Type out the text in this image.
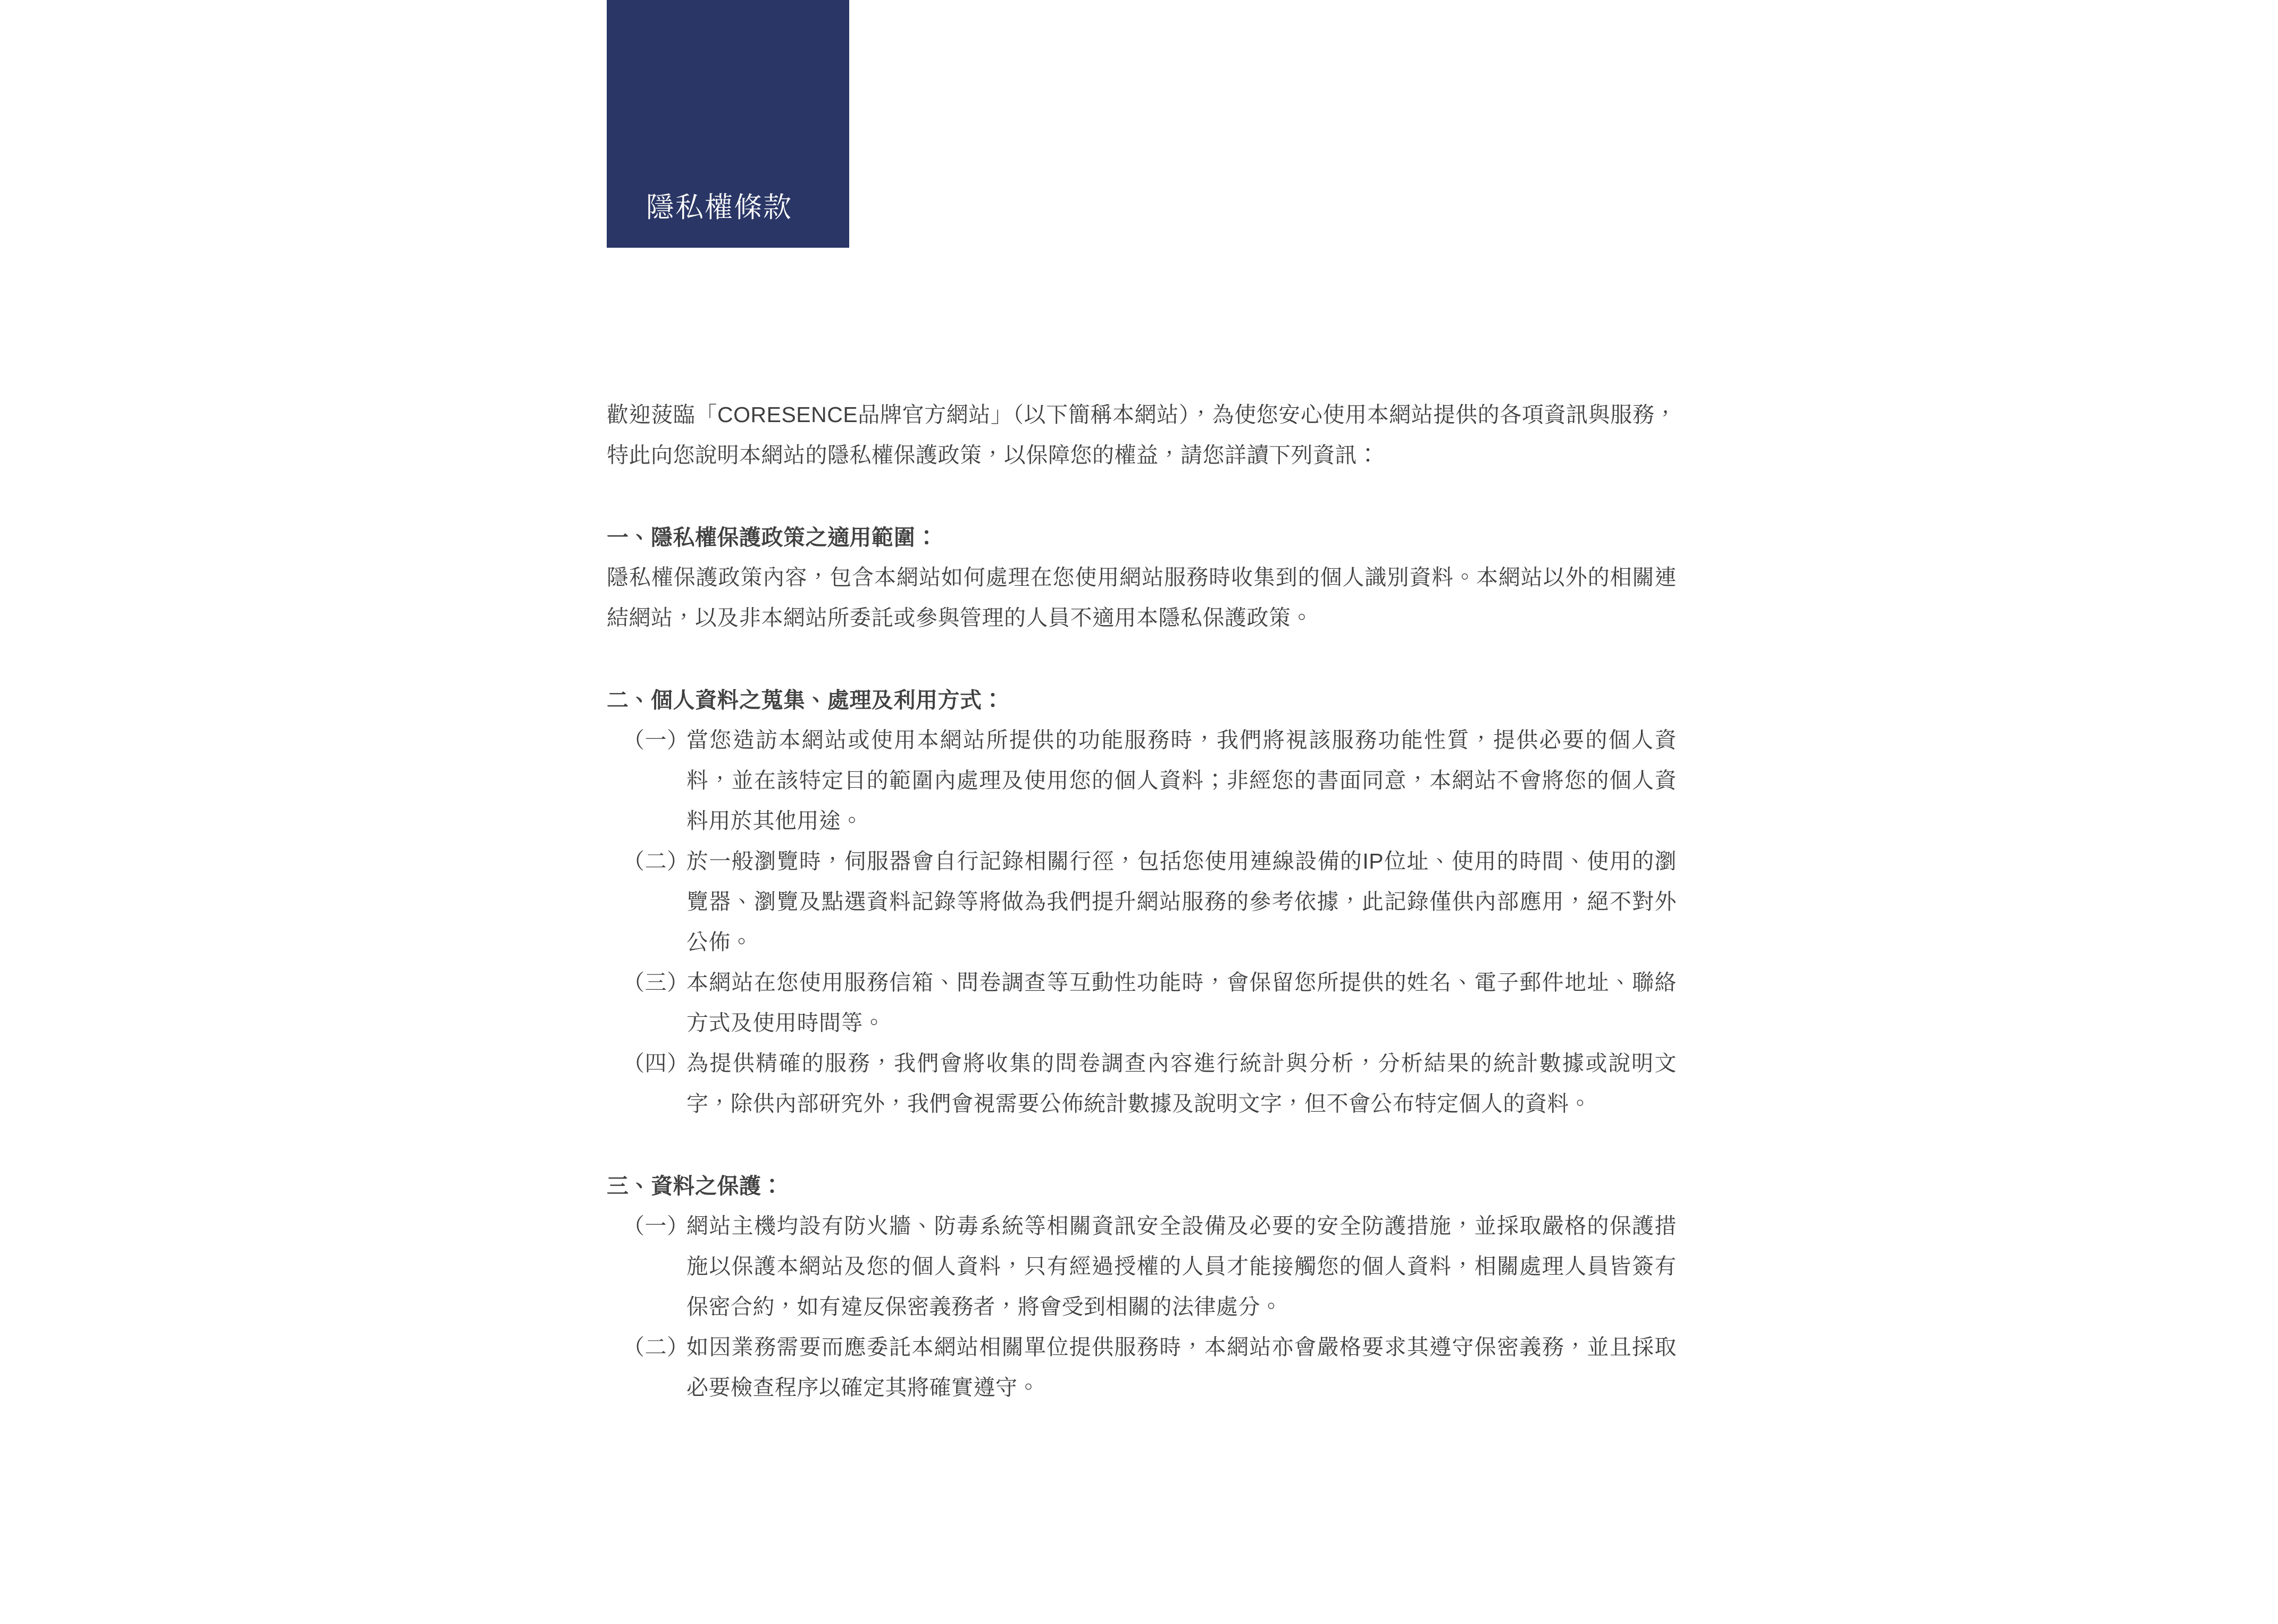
隱私權條款

歡迎菠臨「CORESENCE品牌官方網站」（以下簡稱本網站），為使您安心使用本網站提供的各項資訊與服務，特此向您說明本網站的隱私權保護政策，以保障您的權益，請您詳讀下列資訊：

一、隱私權保護政策之適用範圍：

隱私權保護政策內容，包含本網站如何處理在您使用網站服務時收集到的個人識別資料。本網站以外的相關連結網站，以及非本網站所委託或參與管理的人員不適用本隱私保護政策。

二、個人資料之蒐集、處理及利用方式：
（一）
當您造訪本網站或使用本網站所提供的功能服務時，我們將視該服務功能性質，提供必要的個人資料，並在該特定目的範圍內處理及使用您的個人資料；非經您的書面同意，本網站不會將您的個人資料用於其他用途。
（二）
於一般瀏覽時，伺服器會自行記錄相關行徑，包括您使用連線設備的IP位址、使用的時間、使用的瀏覽器、瀏覽及點選資料記錄等將做為我們提升網站服務的參考依據，此記錄僅供內部應用，絕不對外公佈。
（三）
本網站在您使用服務信箱、問卷調查等互動性功能時，會保留您所提供的姓名、電子郵件地址、聯絡方式及使用時間等。
（四）
為提供精確的服務，我們會將收集的問卷調查內容進行統計與分析，分析結果的統計數據或說明文字，除供內部研究外，我們會視需要公佈統計數據及說明文字，但不會公布特定個人的資料。
三、資料之保護：
（一）
網站主機均設有防火牆、防毒系統等相關資訊安全設備及必要的安全防護措施，並採取嚴格的保護措施以保護本網站及您的個人資料，只有經過授權的人員才能接觸您的個人資料，相關處理人員皆簽有保密合約，如有違反保密義務者，將會受到相關的法律處分。
（二）
如因業務需要而應委託本網站相關單位提供服務時，本網站亦會嚴格要求其遵守保密義務，並且採取必要檢查程序以確定其將確實遵守。
